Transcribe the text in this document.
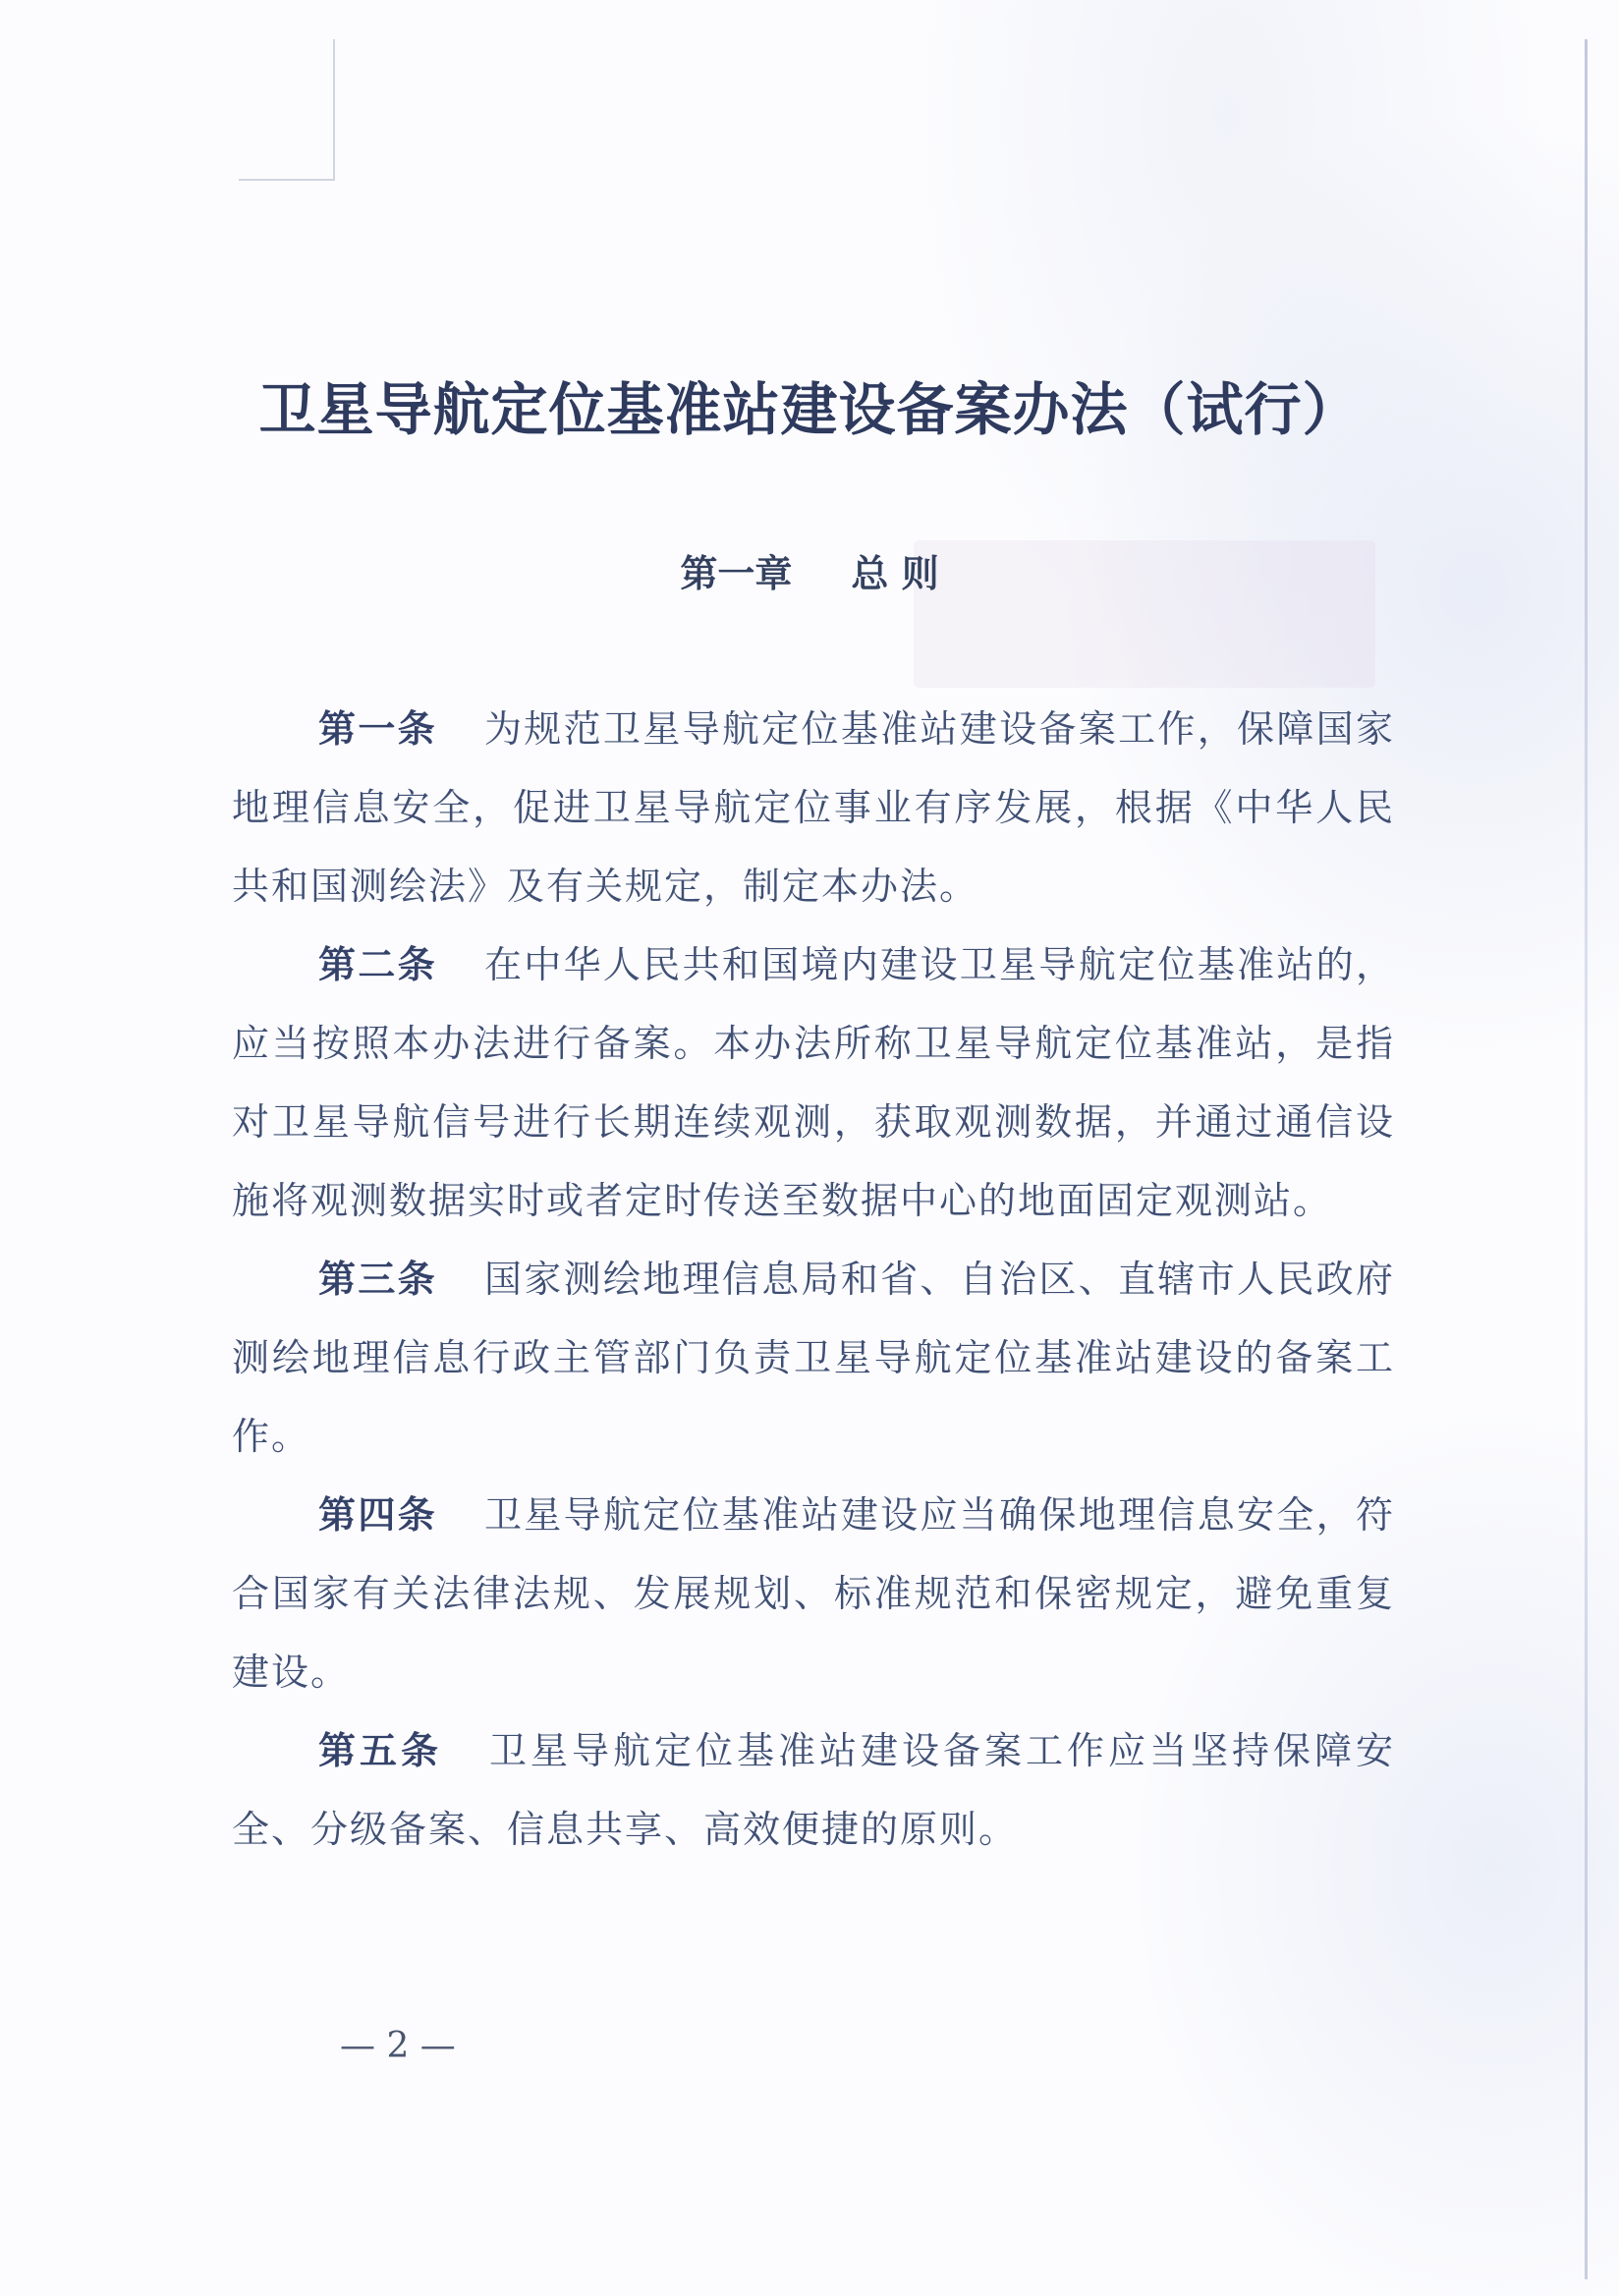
卫星导航定位基准站建设备案办法（试行）
第一章 总 则

第一条 为规范卫星导航定位基准站建设备案工作，保障国家地理信息安全，促进卫星导航定位事业有序发展，根据《中华人民共和国测绘法》及有关规定，制定本办法。

第二条 在中华人民共和国境内建设卫星导航定位基准站的，应当按照本办法进行备案。本办法所称卫星导航定位基准站，是指对卫星导航信号进行长期连续观测，获取观测数据，并通过通信设施将观测数据实时或者定时传送至数据中心的地面固定观测站。

第三条 国家测绘地理信息局和省、自治区、直辖市人民政府测绘地理信息行政主管部门负责卫星导航定位基准站建设的备案工作。

第四条 卫星导航定位基准站建设应当确保地理信息安全，符合国家有关法律法规、发展规划、标准规范和保密规定，避免重复建设。

第五条 卫星导航定位基准站建设备案工作应当坚持保障安全、分级备案、信息共享、高效便捷的原则。

— 2 —
